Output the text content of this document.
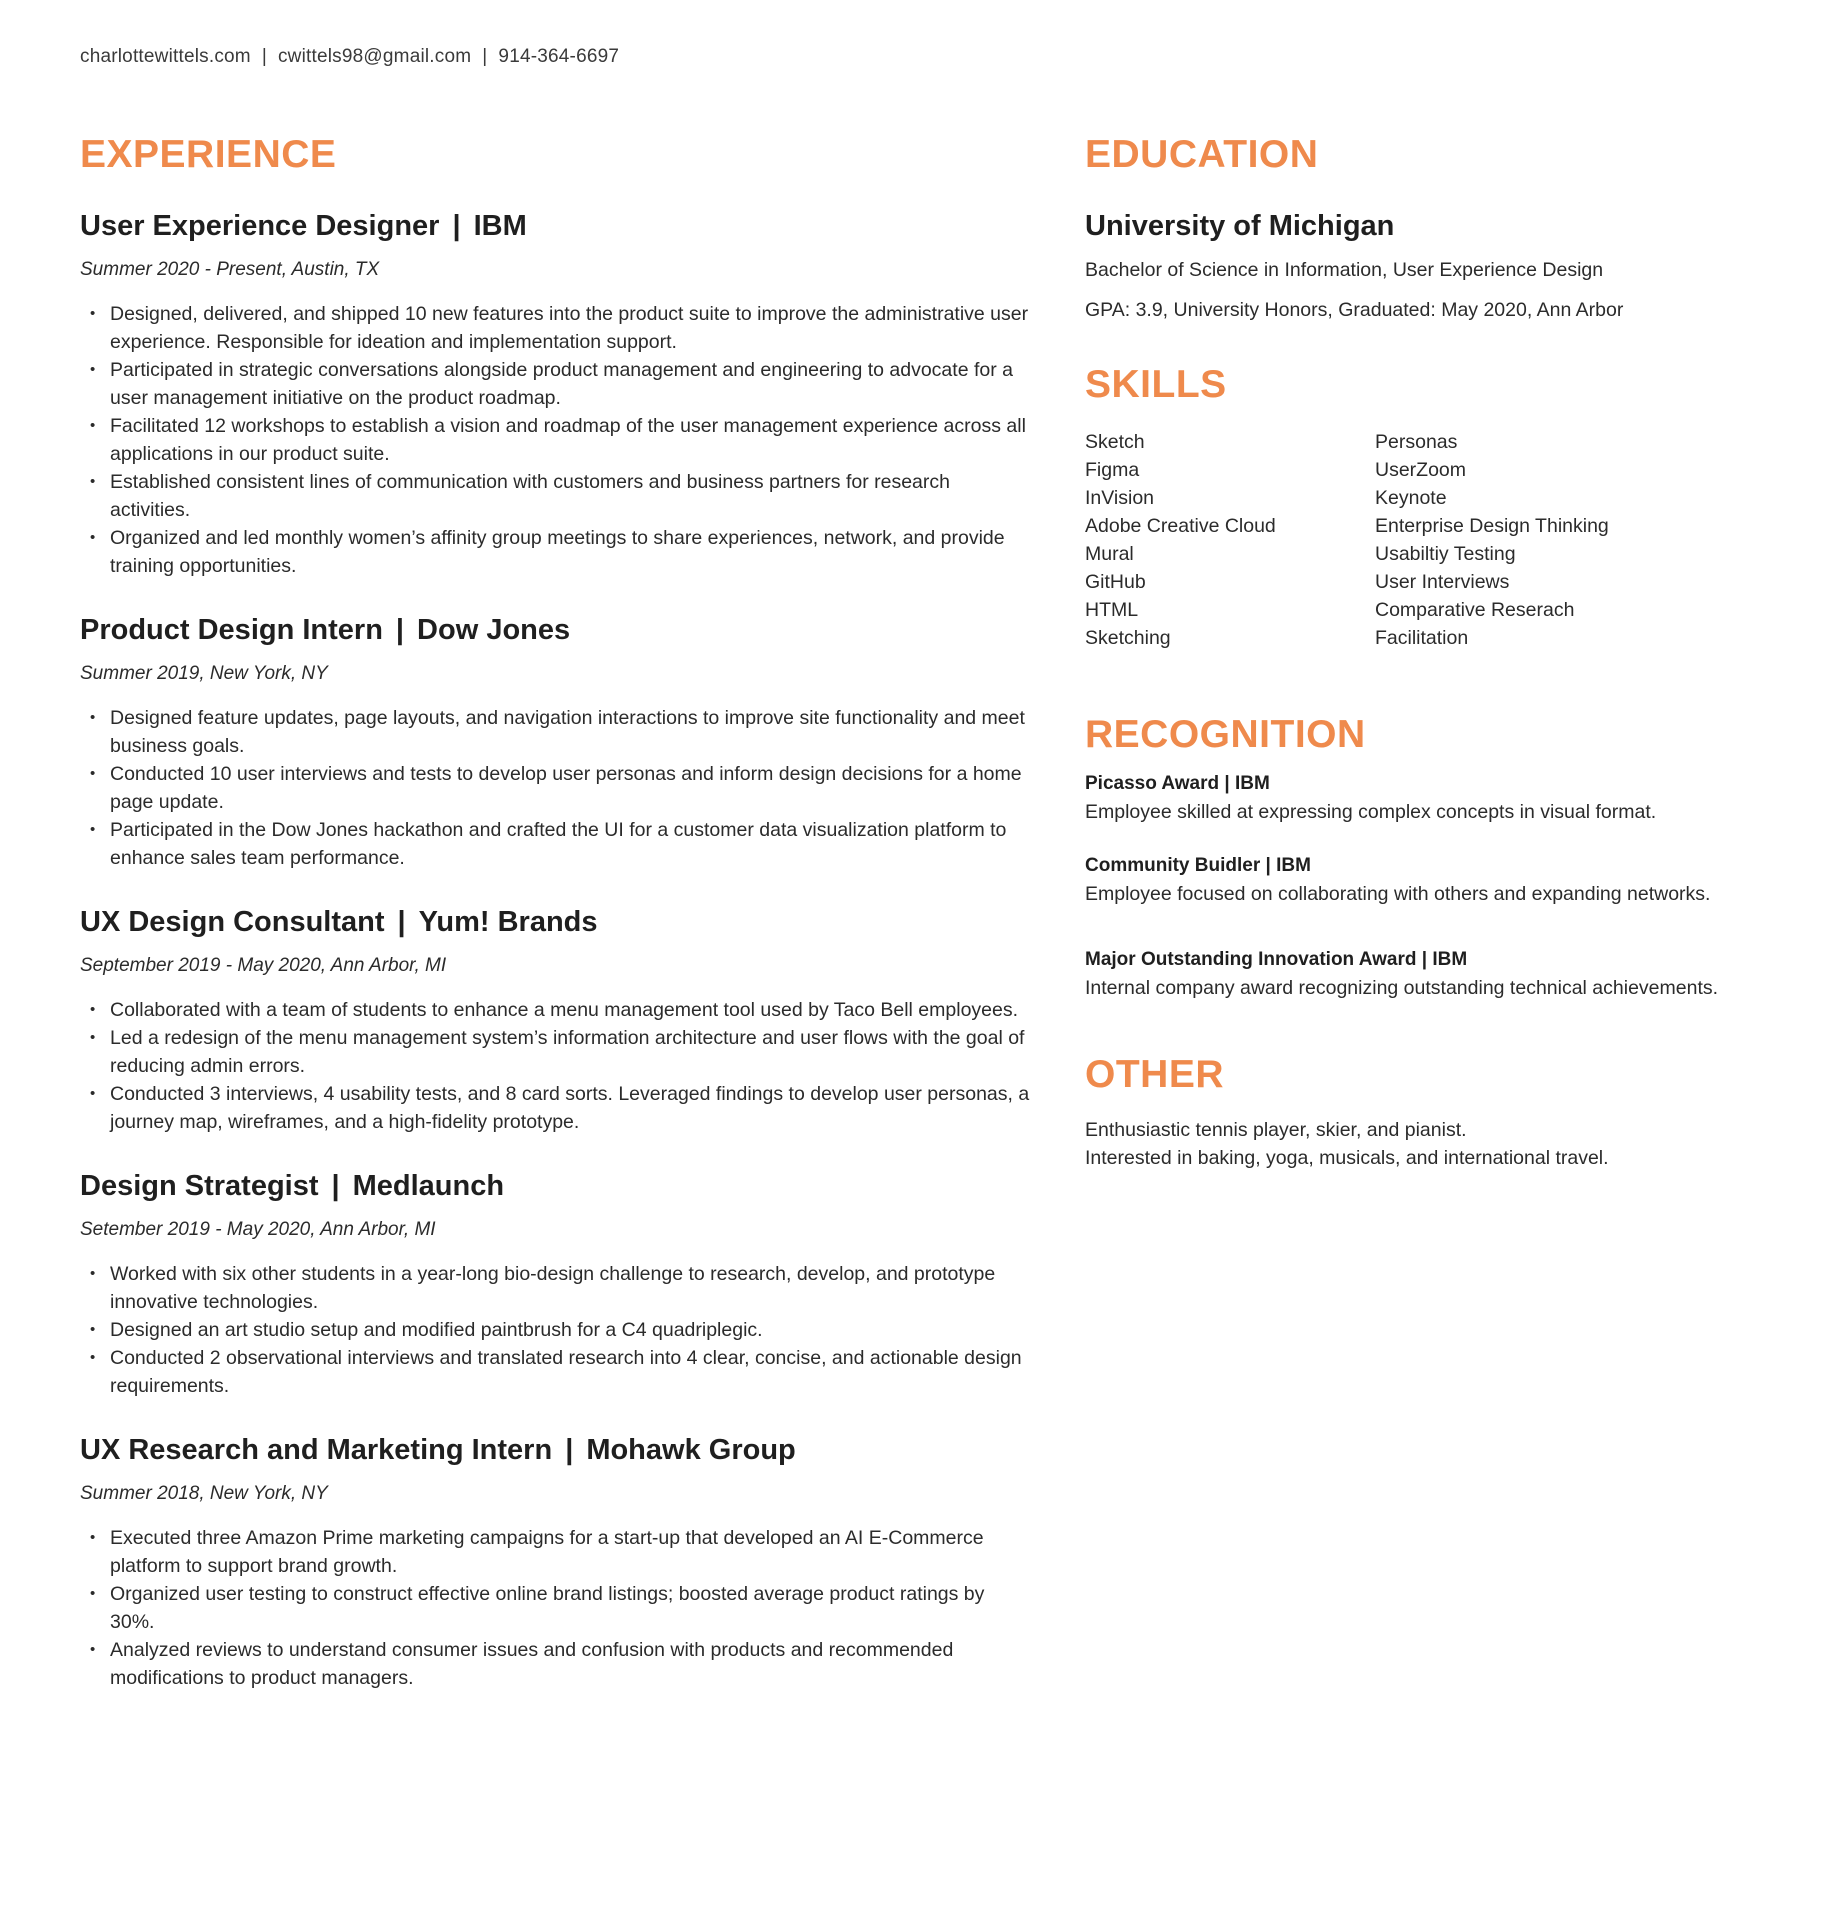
charlottewittels.com | cwittels98@gmail.com | 914-364-6697
EXPERIENCE
User Experience Designer | IBM
Summer 2020 - Present, Austin, TX
• Designed, delivered, and shipped 10 new features into the product suite to improve the administrative user experience. Responsible for ideation and implementation support.
• Participated in strategic conversations alongside product management and engineering to advocate for a user management initiative on the product roadmap.
• Facilitated 12 workshops to establish a vision and roadmap of the user management experience across all applications in our product suite.
• Established consistent lines of communication with customers and business partners for research activities.
• Organized and led monthly women’s affinity group meetings to share experiences, network, and provide training opportunities.
Product Design Intern | Dow Jones
Summer 2019, New York, NY
• Designed feature updates, page layouts, and navigation interactions to improve site functionality and meet business goals.
• Conducted 10 user interviews and tests to develop user personas and inform design decisions for a home page update.
• Participated in the Dow Jones hackathon and crafted the UI for a customer data visualization platform to enhance sales team performance.
UX Design Consultant | Yum! Brands
September 2019 - May 2020, Ann Arbor, MI
• Collaborated with a team of students to enhance a menu management tool used by Taco Bell employees.
• Led a redesign of the menu management system’s information architecture and user flows with the goal of reducing admin errors.
• Conducted 3 interviews, 4 usability tests, and 8 card sorts. Leveraged findings to develop user personas, a journey map, wireframes, and a high-fidelity prototype.
Design Strategist | Medlaunch
Setember 2019 - May 2020, Ann Arbor, MI
• Worked with six other students in a year-long bio-design challenge to research, develop, and prototype innovative technologies.
• Designed an art studio setup and modified paintbrush for a C4 quadriplegic.
• Conducted 2 observational interviews and translated research into 4 clear, concise, and actionable design requirements.
UX Research and Marketing Intern | Mohawk Group
Summer 2018, New York, NY
• Executed three Amazon Prime marketing campaigns for a start-up that developed an AI E-Commerce platform to support brand growth.
• Organized user testing to construct effective online brand listings; boosted average product ratings by 30%.
• Analyzed reviews to understand consumer issues and confusion with products and recommended modifications to product managers.
EDUCATION
University of Michigan
Bachelor of Science in Information, User Experience Design
GPA: 3.9, University Honors, Graduated: May 2020, Ann Arbor
SKILLS
Sketch
Figma
InVision
Adobe Creative Cloud
Mural
GitHub
HTML
Sketching
Personas
UserZoom
Keynote
Enterprise Design Thinking
Usabiltiy Testing
User Interviews
Comparative Reserach
Facilitation
RECOGNITION
Picasso Award | IBM
Employee skilled at expressing complex concepts in visual format.
Community Buidler | IBM
Employee focused on collaborating with others and expanding networks.
Major Outstanding Innovation Award | IBM
Internal company award recognizing outstanding technical achievements.
OTHER
Enthusiastic tennis player, skier, and pianist.
Interested in baking, yoga, musicals, and international travel.
